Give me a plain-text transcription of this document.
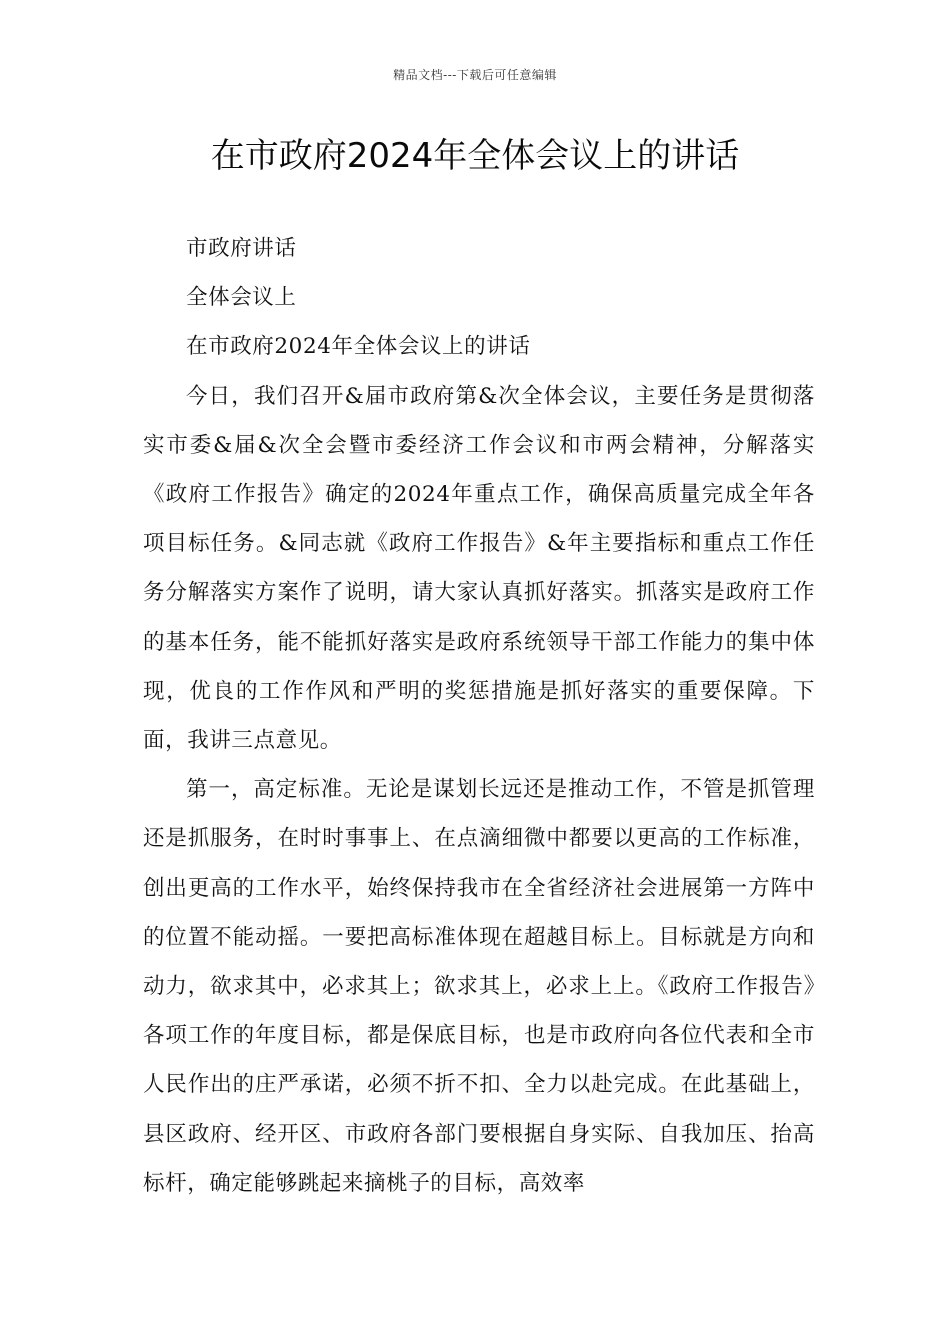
精品文档---下载后可任意编辑
在市政府2024年全体会议上的讲话

市政府讲话

全体会议上

在市政府2024年全体会议上的讲话

今日，我们召开&届市政府第&次全体会议，主要任务是贯彻落实市委&届&次全会暨市委经济工作会议和市两会精神，分解落实《政府工作报告》确定的2024年重点工作，确保高质量完成全年各项目标任务。&同志就《政府工作报告》&年主要指标和重点工作任务分解落实方案作了说明，请大家认真抓好落实。抓落实是政府工作的基本任务，能不能抓好落实是政府系统领导干部工作能力的集中体现，优良的工作作风和严明的奖惩措施是抓好落实的重要保障。下面，我讲三点意见。

第一，高定标准。无论是谋划长远还是推动工作，不管是抓管理还是抓服务，在时时事事上、在点滴细微中都要以更高的工作标准，创出更高的工作水平，始终保持我市在全省经济社会进展第一方阵中的位置不能动摇。一要把高标准体现在超越目标上。目标就是方向和动力，欲求其中，必求其上；欲求其上，必求上上。《政府工作报告》各项工作的年度目标，都是保底目标，也是市政府向各位代表和全市人民作出的庄严承诺，必须不折不扣、全力以赴完成。在此基础上，县区政府、经开区、市政府各部门要根据自身实际、自我加压、抬高标杆，确定能够跳起来摘桃子的目标，高效率
